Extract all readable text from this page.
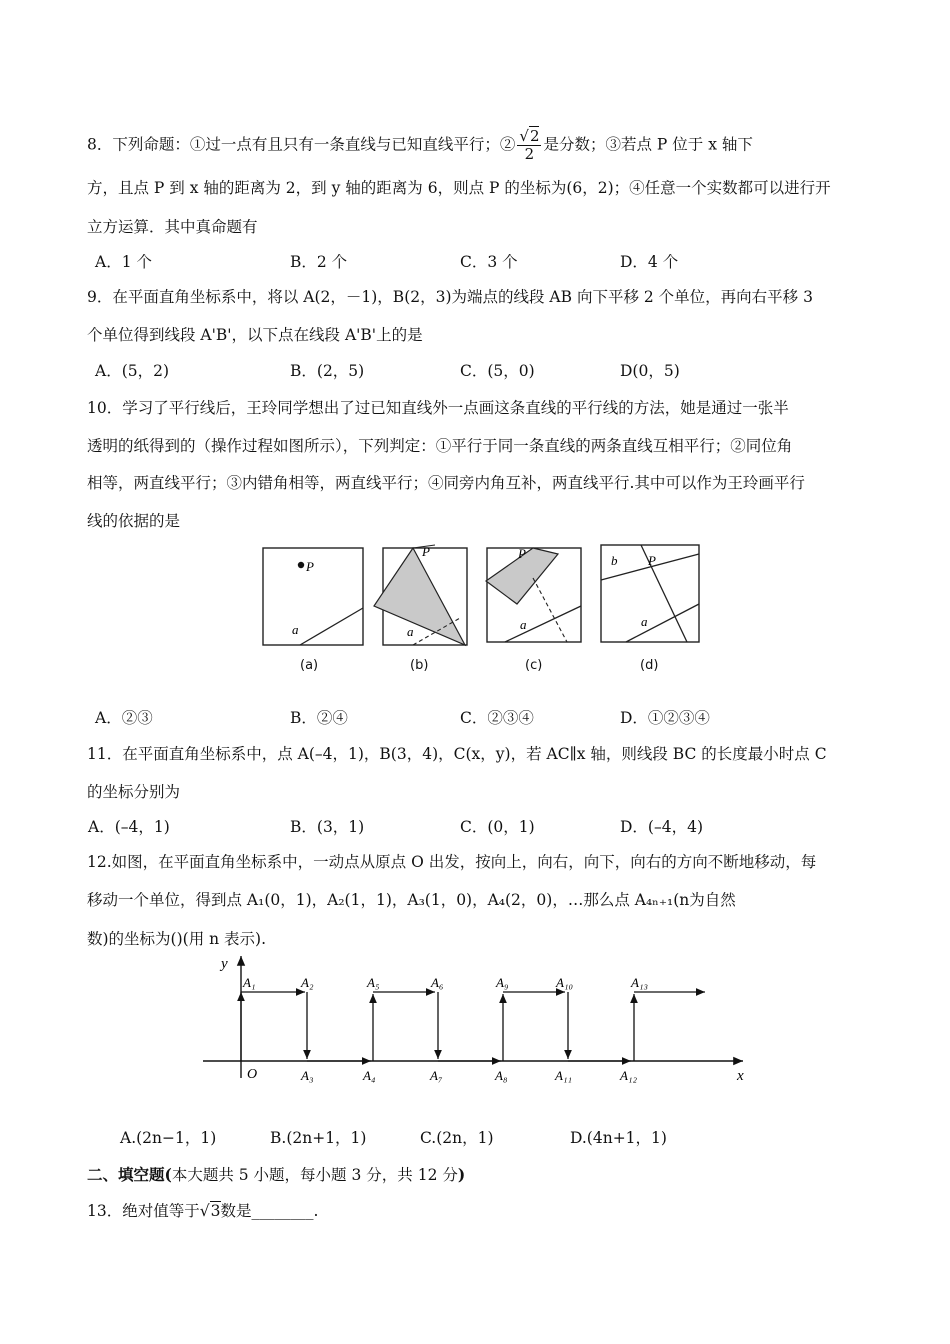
8．下列命题：①过一点有且只有一条直线与已知直线平行；② $\frac{√2}{2}$ 是分数；③若点 P 位于 x 轴下
方，且点 P 到 x 轴的距离为 2，到 y 轴的距离为 6，则点 P 的坐标为(6，2)；④任意一个实数都可以进行开
立方运算．其中真命题有
A．1 个	B．2 个	C．3 个	D．4 个
9．在平面直角坐标系中，将以 A(2，－1)，B(2，3)为端点的线段 AB 向下平移 2 个单位，再向右平移 3
个单位得到线段 A'B'，以下点在线段 A'B'上的是
A．(5，2)	B．(2，5)	C．(5，0)	D(0，5)
10．学习了平行线后，王玲同学想出了过已知直线外一点画这条直线的平行线的方法，她是通过一张半
透明的纸得到的（操作过程如图所示），下列判定：①平行于同一条直线的两条直线互相平行；②同位角
相等，两直线平行；③内错角相等，两直线平行；④同旁内角互补，两直线平行.其中可以作为王玲画平行
线的依据的是
P
a
P
a
P
a
b P
a
(a)	(b)	(c)	(d)
A．②③	B．②④	C．②③④	D．①②③④
11．在平面直角坐标系中，点 A(–4，1)，B(3，4)，C(x，y)，若 AC∥x 轴，则线段 BC 的长度最小时点 C
的坐标分别为
A．(–4，1)	B．(3，1)	C．(0，1)	D．(–4，4)
12.如图，在平面直角坐标系中，一动点从原点 O 出发，按向上，向右，向下，向右的方向不断地移动，每
移动一个单位，得到点 A₁(0，1)，A₂(1，1)，A₃(1，0)，A₄(2，0)，…那么点 A₄ₙ₊₁(n为自然
数)的坐标为()(用 n 表示).
y
x
O
A₁	A₂	A₅	A₆	A₉	A₁₀	A₁₃
A₃	A₄	A₇	A₈	A₁₁	A₁₂
A.(2n−1，1)	B.(2n+1，1)	C.(2n，1)	D.(4n+1，1)
二、填空题(本大题共 5 小题，每小题 3 分，共 12 分)
13．绝对值等于√3数是________.
